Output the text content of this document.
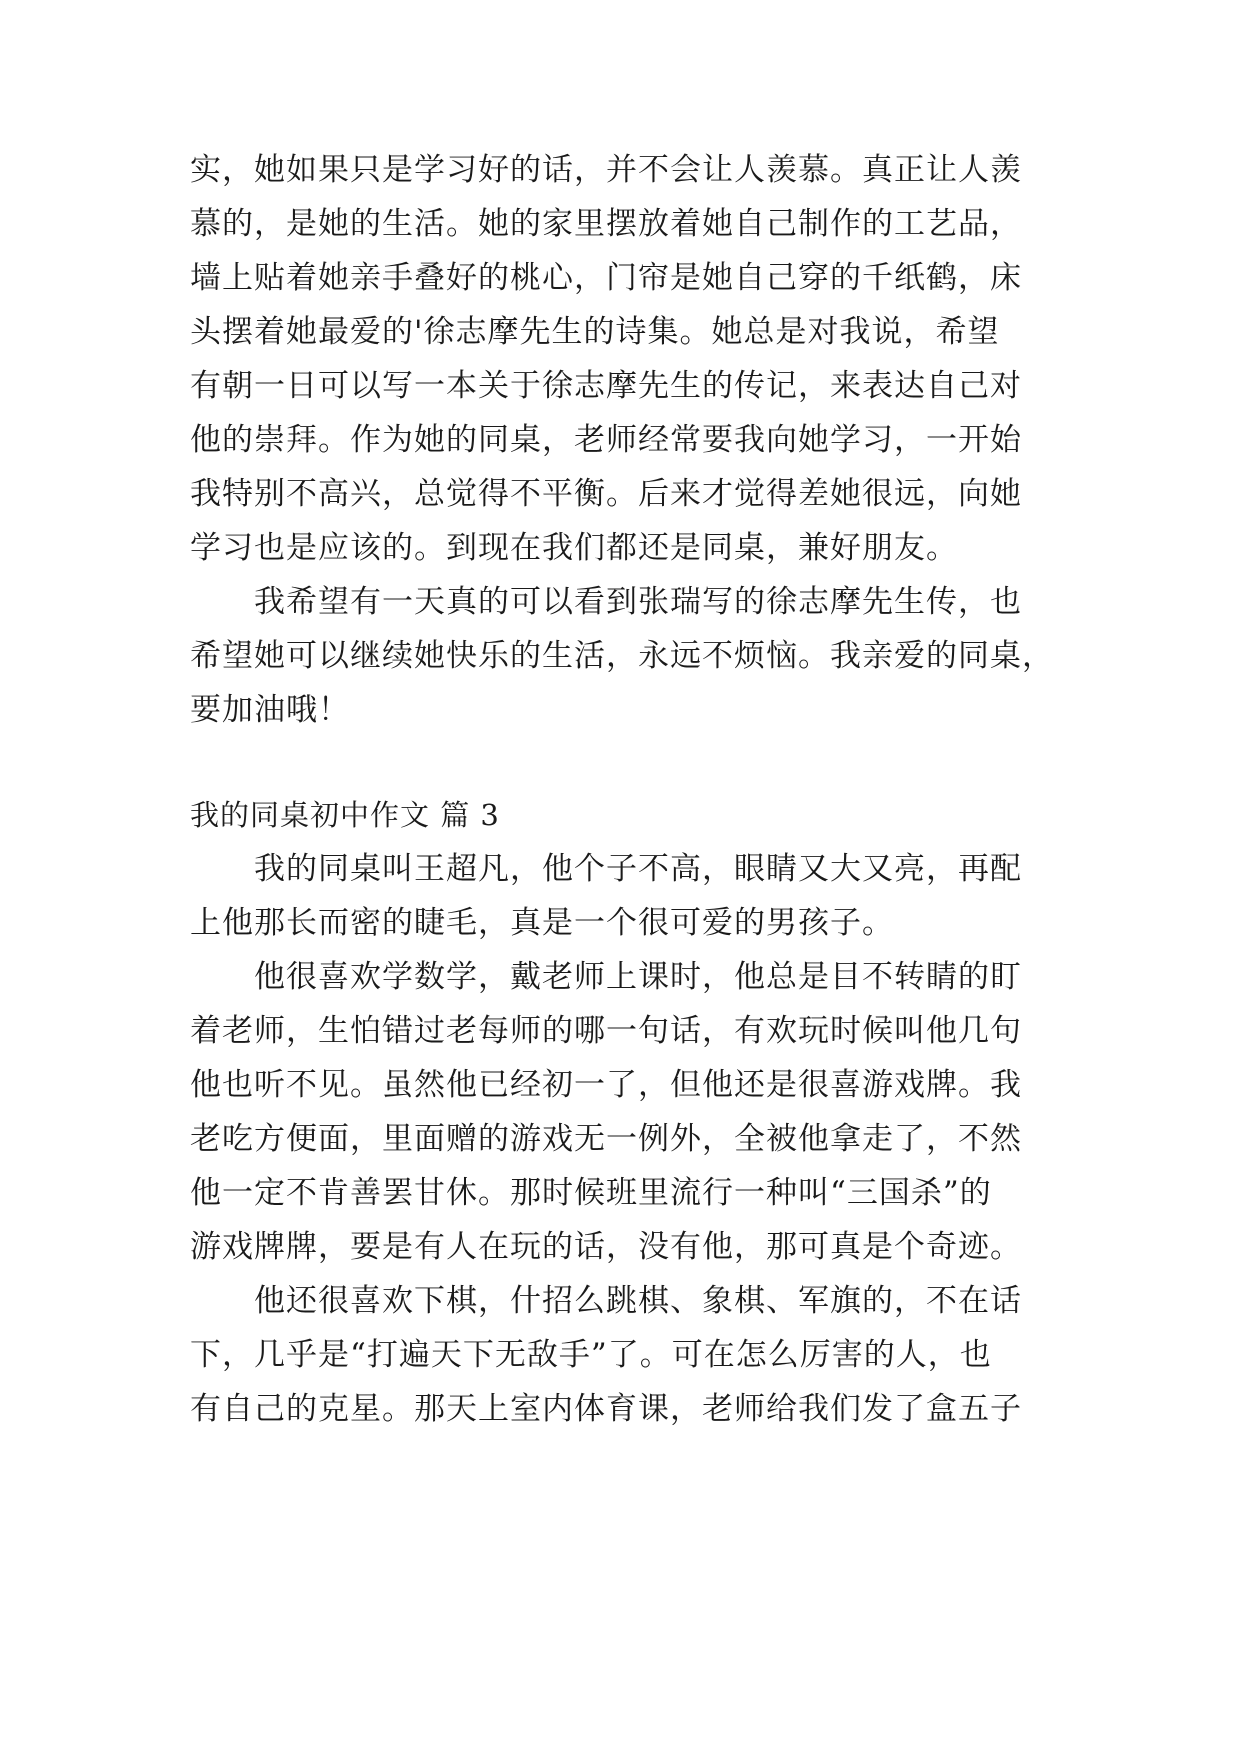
实，她如果只是学习好的话，并不会让人羡慕。真正让人羡
慕的，是她的生活。她的家里摆放着她自己制作的工艺品，
墙上贴着她亲手叠好的桃心，门帘是她自己穿的千纸鹤，床
头摆着她最爱的'徐志摩先生的诗集。她总是对我说，希望
有朝一日可以写一本关于徐志摩先生的传记，来表达自己对
他的崇拜。作为她的同桌，老师经常要我向她学习，一开始
我特别不高兴，总觉得不平衡。后来才觉得差她很远，向她
学习也是应该的。到现在我们都还是同桌，兼好朋友。
　　我希望有一天真的可以看到张瑞写的徐志摩先生传，也
希望她可以继续她快乐的生活，永远不烦恼。我亲爱的同桌，
要加油哦！
我的同桌初中作文 篇 3
　　我的同桌叫王超凡，他个子不高，眼睛又大又亮，再配
上他那长而密的睫毛，真是一个很可爱的男孩子。
　　他很喜欢学数学，戴老师上课时，他总是目不转睛的盯
着老师，生怕错过老每师的哪一句话，有欢玩时候叫他几句
他也听不见。虽然他已经初一了，但他还是很喜游戏牌。我
老吃方便面，里面赠的游戏无一例外，全被他拿走了，不然
他一定不肯善罢甘休。那时候班里流行一种叫“三国杀”的
游戏牌牌，要是有人在玩的话，没有他，那可真是个奇迹。
　　他还很喜欢下棋，什招么跳棋、象棋、军旗的，不在话
下，几乎是“打遍天下无敌手”了。可在怎么厉害的人，也
有自己的克星。那天上室内体育课，老师给我们发了盒五子
